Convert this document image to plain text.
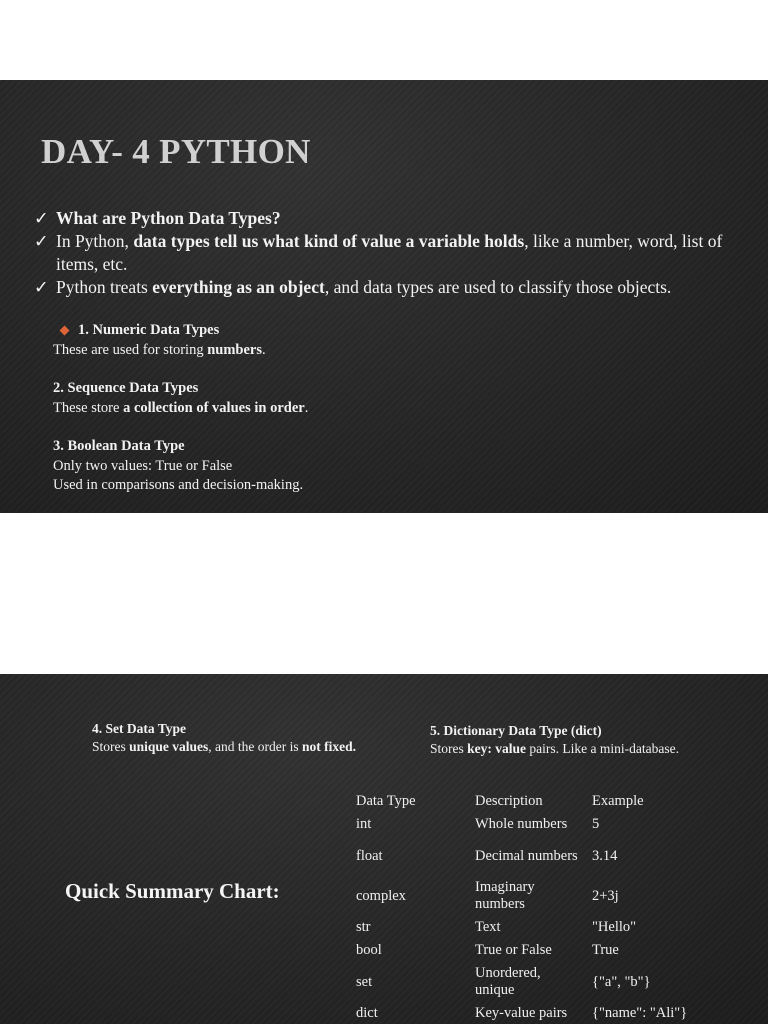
DAY- 4 PYTHON
✓ What are Python Data Types?
✓ In Python, data types tell us what kind of value a variable holds, like a number, word, list of items, etc.
✓ Python treats everything as an object, and data types are used to classify those objects.
1. Numeric Data Types
These are used for storing numbers.
2. Sequence Data Types
These store a collection of values in order.
3. Boolean Data Type
Only two values: True or False
Used in comparisons and decision-making.
4. Set Data Type
Stores unique values, and the order is not fixed.
5. Dictionary Data Type (dict)
Stores key: value pairs. Like a mini-database.
Quick Summary Chart:
Data Type	Description	Example
int	Whole numbers	5
float	Decimal numbers	3.14
complex	Imaginary numbers	2+3j
str	Text	"Hello"
bool	True or False	True
set	Unordered, unique	{"a", "b"}
dict	Key-value pairs	{"name": "Ali"}
